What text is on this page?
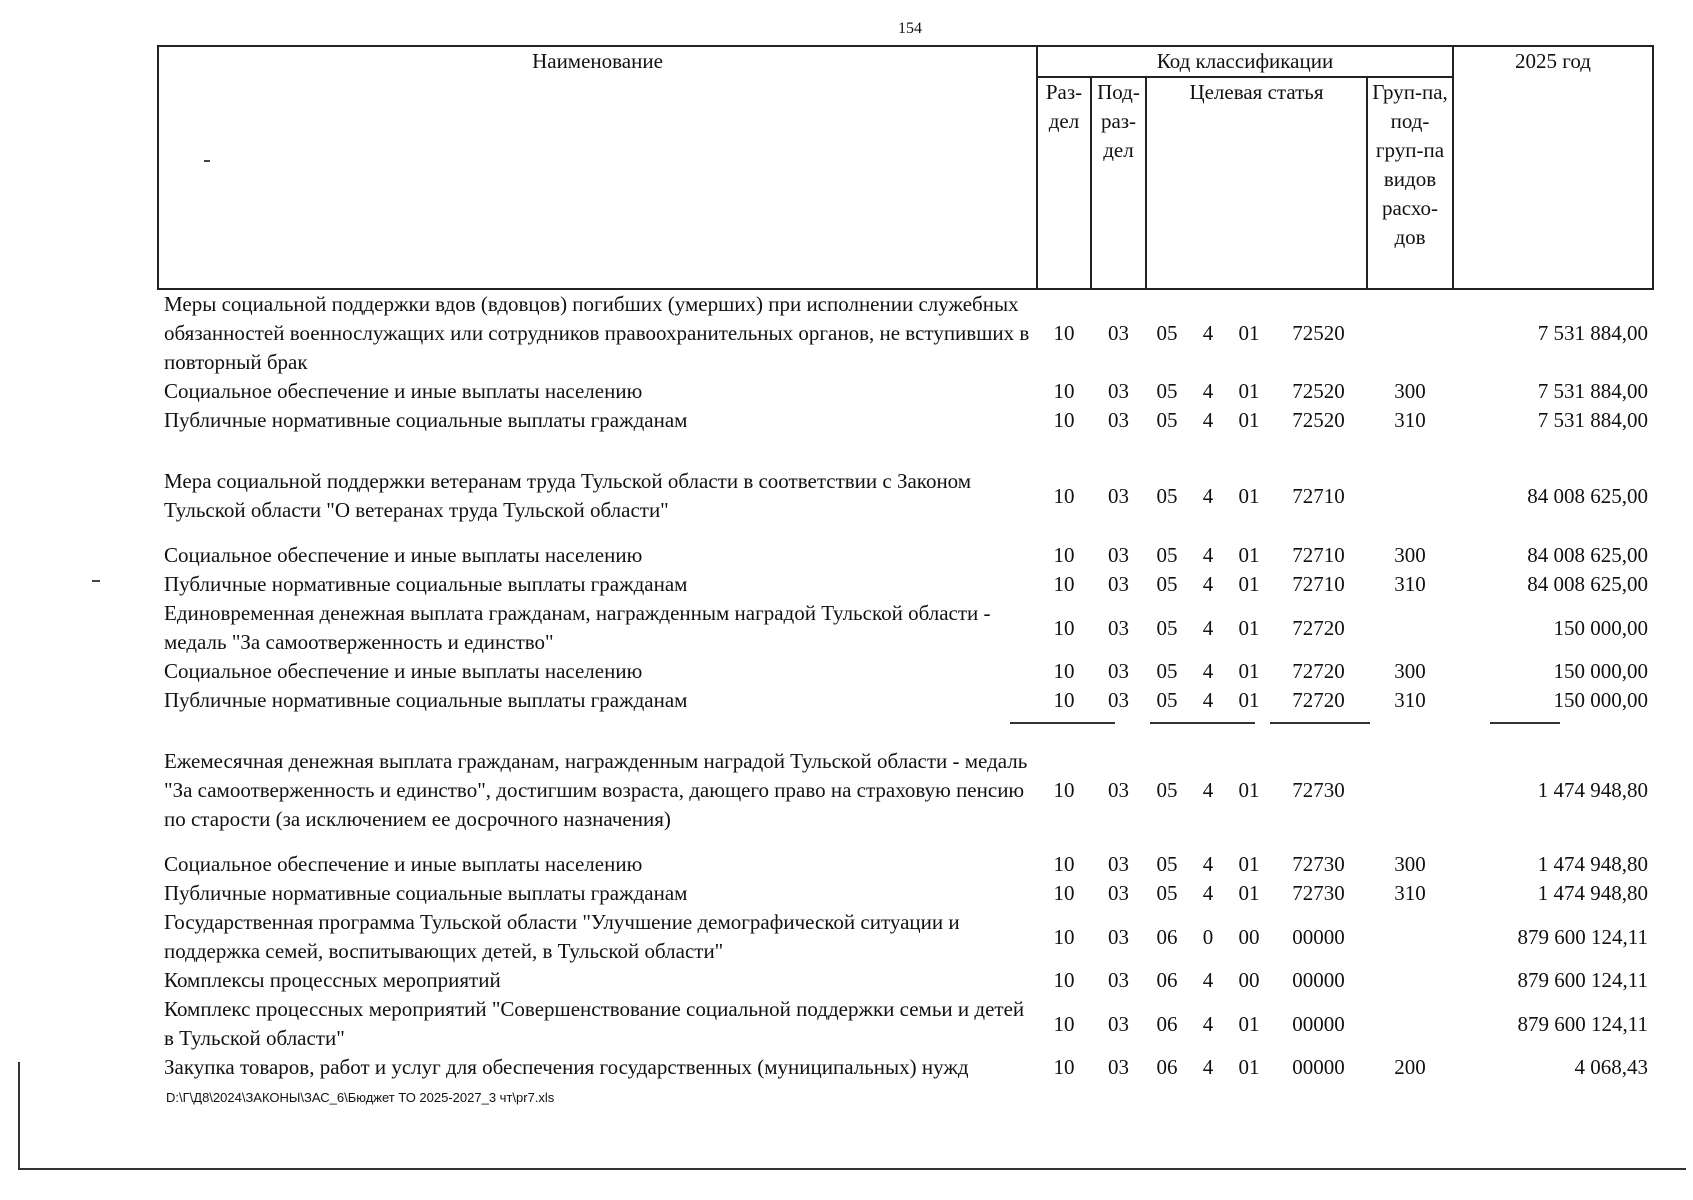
154
Наименование	Код классификации							2025 год
	Раз-дел	Под-раз-дел	Целевая статья				Груп-па, под-груп-па видов расхо-дов	
Меры социальной поддержки вдов (вдовцов) погибших (умерших) при исполнении служебных обязанностей военнослужащих или сотрудников правоохранительных органов, не вступивших в повторный брак	10	03	05	4	01	72520		7 531 884,00
Социальное обеспечение и иные выплаты населению	10	03	05	4	01	72520	300	7 531 884,00
Публичные нормативные социальные выплаты гражданам	10	03	05	4	01	72520	310	7 531 884,00
Мера социальной поддержки ветеранам труда Тульской области в соответствии с Законом Тульской области "О ветеранах труда Тульской области"	10	03	05	4	01	72710		84 008 625,00
Социальное обеспечение и иные выплаты населению	10	03	05	4	01	72710	300	84 008 625,00
Публичные нормативные социальные выплаты гражданам	10	03	05	4	01	72710	310	84 008 625,00
Единовременная денежная выплата гражданам, награжденным наградой Тульской области - медаль "За самоотверженность и единство"	10	03	05	4	01	72720		150 000,00
Социальное обеспечение и иные выплаты населению	10	03	05	4	01	72720	300	150 000,00
Публичные нормативные социальные выплаты гражданам	10	03	05	4	01	72720	310	150 000,00
Ежемесячная денежная выплата гражданам, награжденным наградой Тульской области - медаль "За самоотверженность и единство", достигшим возраста, дающего право на страховую пенсию по старости (за исключением ее досрочного назначения)	10	03	05	4	01	72730		1 474 948,80
Социальное обеспечение и иные выплаты населению	10	03	05	4	01	72730	300	1 474 948,80
Публичные нормативные социальные выплаты гражданам	10	03	05	4	01	72730	310	1 474 948,80
Государственная программа Тульской области "Улучшение демографической ситуации и поддержка семей, воспитывающих детей, в Тульской области"	10	03	06	0	00	00000		879 600 124,11
Комплексы процессных мероприятий	10	03	06	4	00	00000		879 600 124,11
Комплекс процессных мероприятий "Совершенствование социальной поддержки семьи и детей в Тульской области"	10	03	06	4	01	00000		879 600 124,11
Закупка товаров, работ и услуг для обеспечения государственных (муниципальных) нужд	10	03	06	4	01	00000	200	4 068,43
D:\Г\Д8\2024\ЗАКОНЫ\ЗАС_6\Бюджет ТО 2025-2027_3 чт\pr7.xls
